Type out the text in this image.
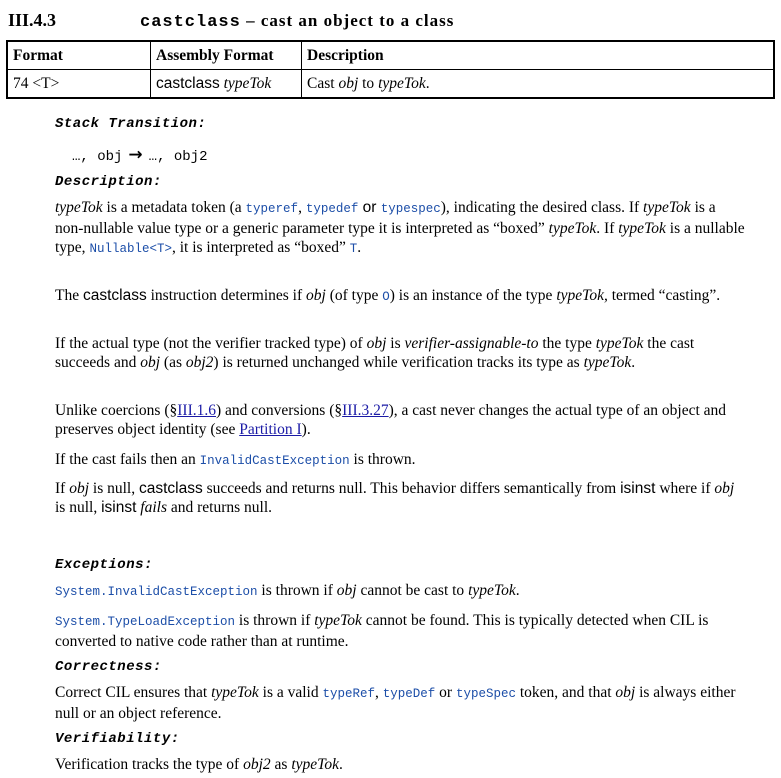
III.4.3	castclass – cast an object to a class
Format	Assembly Format	Description
74 <T>	castclass typeTok	Cast obj to typeTok.
Stack Transition:
…, obj → …, obj2
Description:
typeTok is a metadata token (a typeref, typedef or typespec), indicating the desired class. If typeTok is a non-nullable value type or a generic parameter type it is interpreted as “boxed” typeTok. If typeTok is a nullable type, Nullable<T>, it is interpreted as “boxed” T.
The castclass instruction determines if obj (of type O) is an instance of the type typeTok, termed “casting”.
If the actual type (not the verifier tracked type) of obj is verifier-assignable-to the type typeTok the cast succeeds and obj (as obj2) is returned unchanged while verification tracks its type as typeTok.
Unlike coercions (§III.1.6) and conversions (§III.3.27), a cast never changes the actual type of an object and preserves object identity (see Partition I).
If the cast fails then an InvalidCastException is thrown.
If obj is null, castclass succeeds and returns null. This behavior differs semantically from isinst where if obj is null, isinst fails and returns null.
Exceptions:
System.InvalidCastException is thrown if obj cannot be cast to typeTok.
System.TypeLoadException is thrown if typeTok cannot be found. This is typically detected when CIL is converted to native code rather than at runtime.
Correctness:
Correct CIL ensures that typeTok is a valid typeRef, typeDef or typeSpec token, and that obj is always either null or an object reference.
Verifiability:
Verification tracks the type of obj2 as typeTok.
